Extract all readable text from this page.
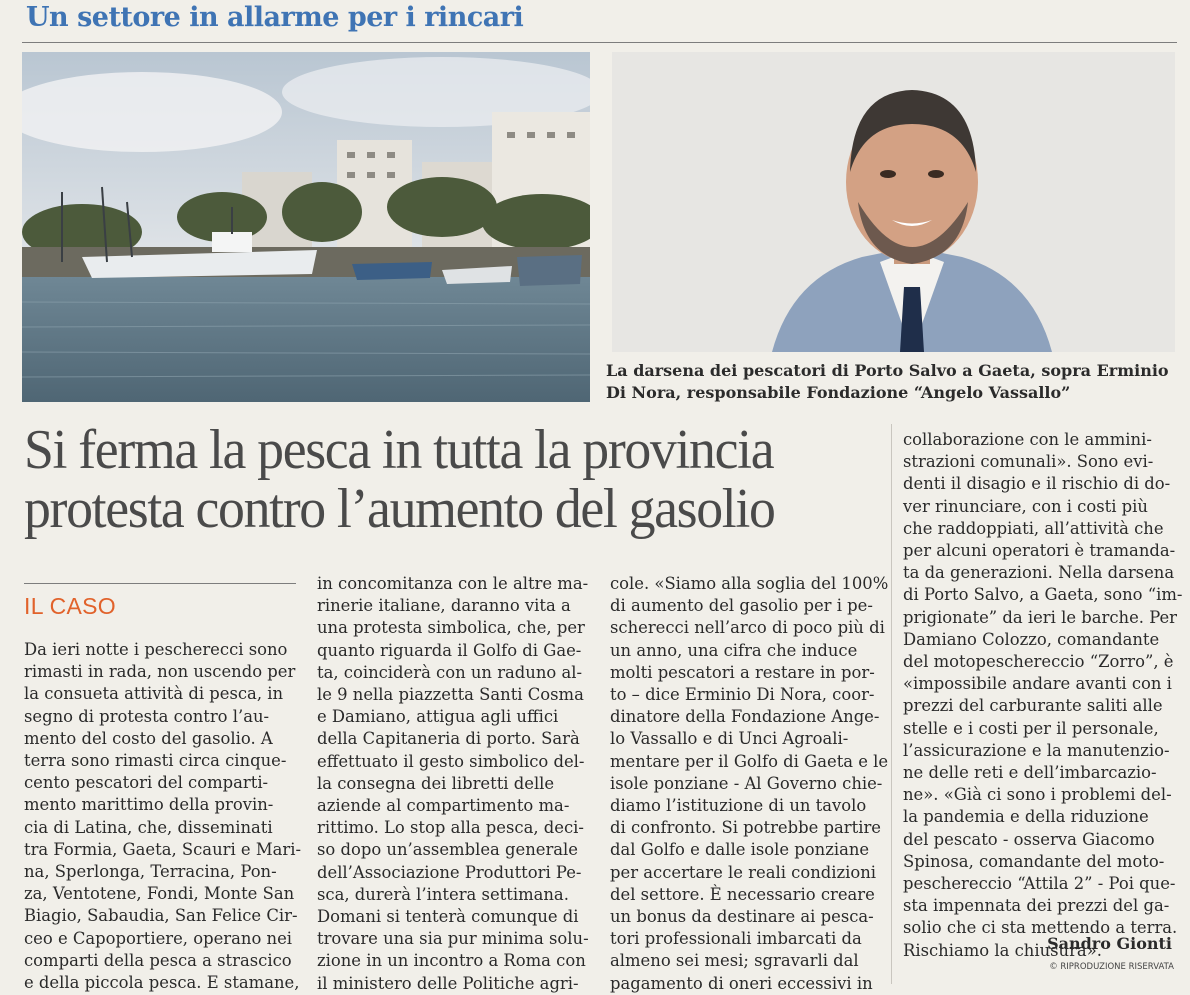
Un settore in allarme per i rincari
La darsena dei pescatori di Porto Salvo a Gaeta, sopra Erminio Di Nora, responsabile Fondazione “Angelo Vassallo”
Si ferma la pesca in tutta la provincia protesta contro l’aumento del gasolio
IL CASO
Da ieri notte i pescherecci sono
rimasti in rada, non uscendo per
la consueta attività di pesca, in
segno di protesta contro l’au-
mento del costo del gasolio. A
terra sono rimasti circa cinque-
cento pescatori del comparti-
mento marittimo della provin-
cia di Latina, che, disseminati
tra Formia, Gaeta, Scauri e Mari-
na, Sperlonga, Terracina, Pon-
za, Ventotene, Fondi, Monte San
Biagio, Sabaudia, San Felice Cir-
ceo e Capoportiere, operano nei
comparti della pesca a strascico
e della piccola pesca. E stamane,
in concomitanza con le altre ma-
rinerie italiane, daranno vita a
una protesta simbolica, che, per
quanto riguarda il Golfo di Gae-
ta, coinciderà con un raduno al-
le 9 nella piazzetta Santi Cosma
e Damiano, attigua agli uffici
della Capitaneria di porto. Sarà
effettuato il gesto simbolico del-
la consegna dei libretti delle
aziende al compartimento ma-
rittimo. Lo stop alla pesca, deci-
so dopo un’assemblea generale
dell’Associazione Produttori Pe-
sca, durerà l’intera settimana.
Domani si tenterà comunque di
trovare una sia pur minima solu-
zione in un incontro a Roma con
il ministero delle Politiche agri-
cole. «Siamo alla soglia del 100%
di aumento del gasolio per i pe-
scherecci nell’arco di poco più di
un anno, una cifra che induce
molti pescatori a restare in por-
to – dice Erminio Di Nora, coor-
dinatore della Fondazione Ange-
lo Vassallo e di Unci Agroali-
mentare per il Golfo di Gaeta e le
isole ponziane - Al Governo chie-
diamo l’istituzione di un tavolo
di confronto. Si potrebbe partire
dal Golfo e dalle isole ponziane
per accertare le reali condizioni
del settore. È necessario creare
un bonus da destinare ai pesca-
tori professionali imbarcati da
almeno sei mesi; sgravarli dal
pagamento di oneri eccessivi in
collaborazione con le ammini-
strazioni comunali». Sono evi-
denti il disagio e il rischio di do-
ver rinunciare, con i costi più
che raddoppiati, all’attività che
per alcuni operatori è tramanda-
ta da generazioni. Nella darsena
di Porto Salvo, a Gaeta, sono “im-
prigionate” da ieri le barche. Per
Damiano Colozzo, comandante
del motopeschereccio “Zorro”, è
«impossibile andare avanti con i
prezzi del carburante saliti alle
stelle e i costi per il personale,
l’assicurazione e la manutenzio-
ne delle reti e dell’imbarcazio-
ne». «Già ci sono i problemi del-
la pandemia e della riduzione
del pescato - osserva Giacomo
Spinosa, comandante del moto-
peschereccio “Attila 2” - Poi que-
sta impennata dei prezzi del ga-
solio che ci sta mettendo a terra.
Rischiamo la chiusura».
Sandro Gionti
© RIPRODUZIONE RISERVATA
